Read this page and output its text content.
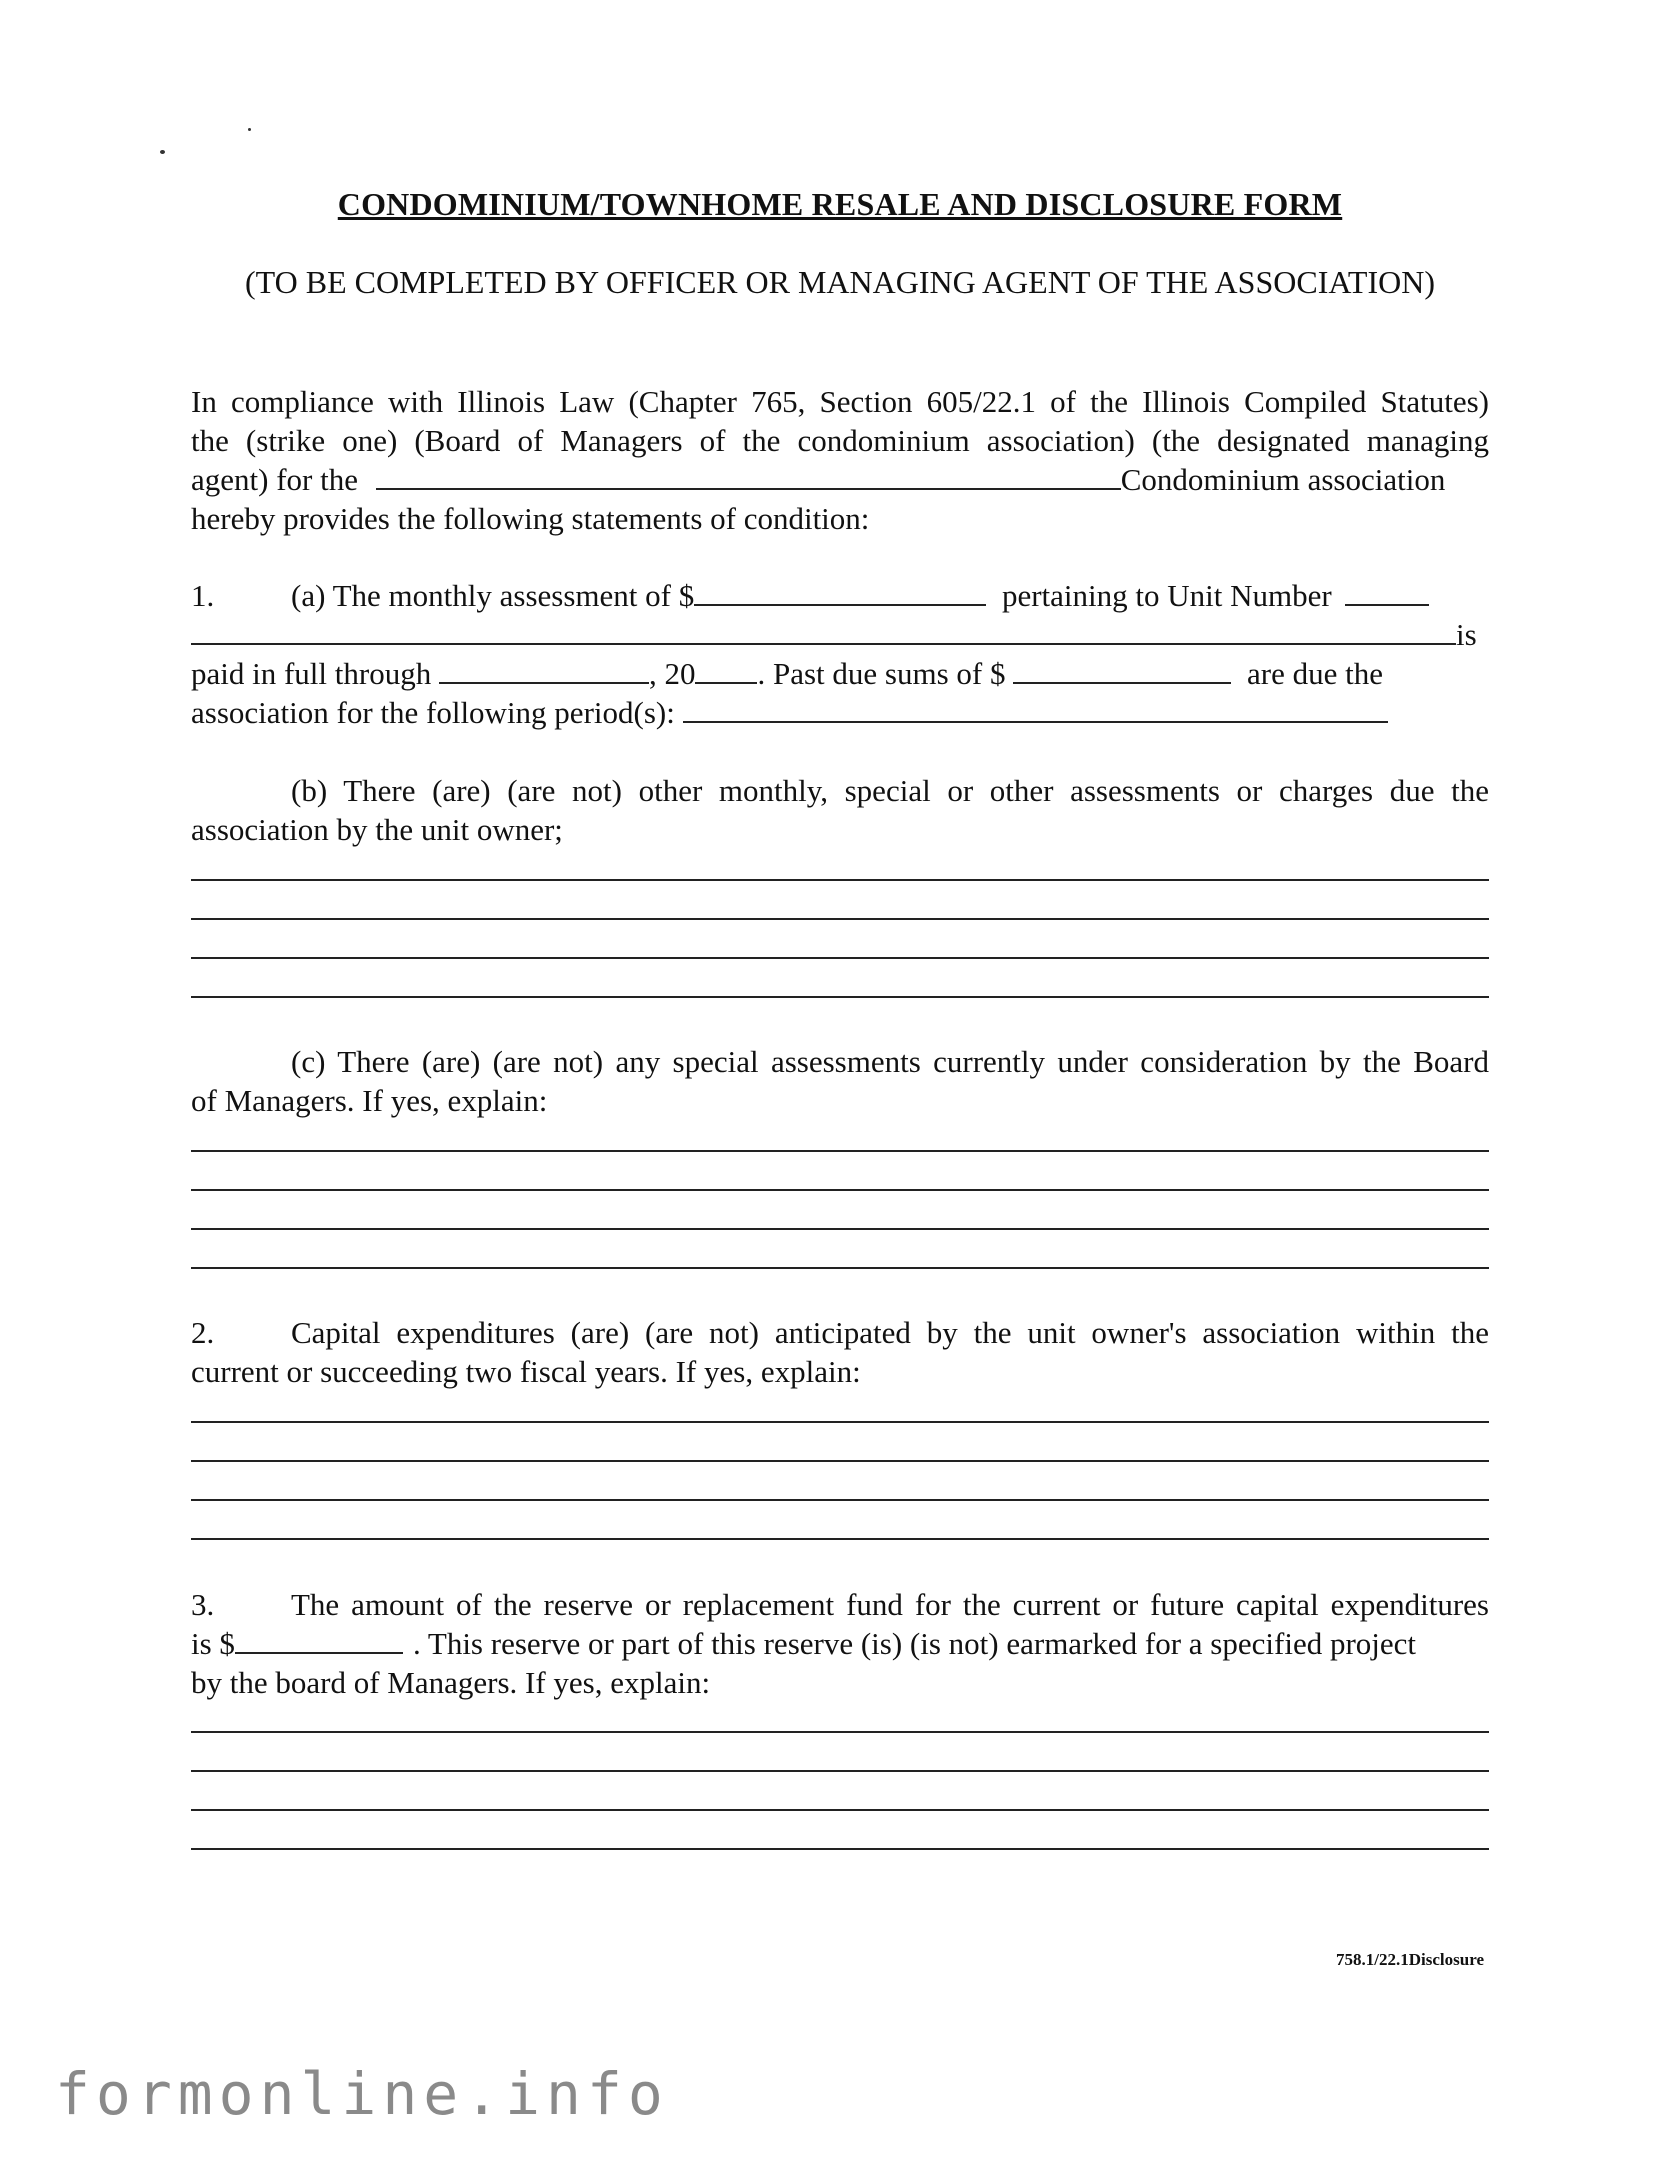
CONDOMINIUM/TOWNHOME RESALE AND DISCLOSURE FORM
(TO BE COMPLETED BY OFFICER OR MANAGING AGENT OF THE ASSOCIATION)
In compliance with Illinois Law (Chapter 765, Section 605/22.1 of the Illinois Compiled Statutes)
the (strike one) (Board of Managers of the condominium association) (the designated managing
agent) for the	Condominium association
hereby provides the following statements of condition:
1. (a) The monthly assessment of $	pertaining to Unit Number
is
paid in full through	, 20 . Past due sums of $	are due the
association for the following period(s):
(b) There (are) (are not) other monthly, special or other assessments or charges due the
association by the unit owner;
(c) There (are) (are not) any special assessments currently under consideration by the Board
of Managers. If yes, explain:
2. Capital expenditures (are) (are not) anticipated by the unit owner's association within the
current or succeeding two fiscal years. If yes, explain:
3. The amount of the reserve or replacement fund for the current or future capital expenditures
is $	. This reserve or part of this reserve (is) (is not) earmarked for a specified project
by the board of Managers. If yes, explain:
758.1/22.1Disclosure
formonline.info
